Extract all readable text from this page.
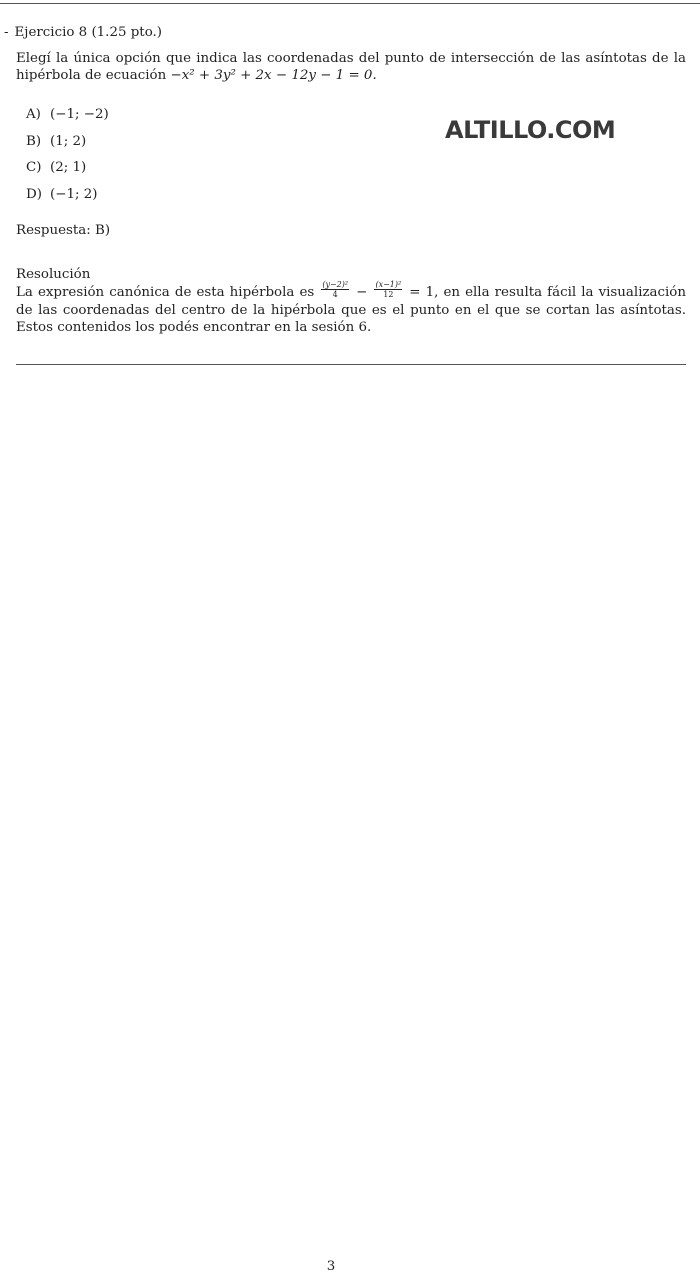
- Ejercicio 8 (1.25 pto.)
Elegí la única opción que indica las coordenadas del punto de intersección de las asíntotas de la hipérbola de ecuación −x² + 3y² + 2x − 12y − 1 = 0.
A) (−1; −2)
B) (1; 2)
C) (2; 1)
D) (−1; 2)
ALTILLO.COM
Respuesta: B)
Resolución
La expresión canónica de esta hipérbola es $\frac{\text{(y−2)²}}{4} - \frac{\text{(x−1)²}}{12} = 1$, en ella resulta fácil la visualización de las coordenadas del centro de la hipérbola que es el punto en el que se cortan las asíntotas. Estos contenidos los podés encontrar en la sesión 6.
3
